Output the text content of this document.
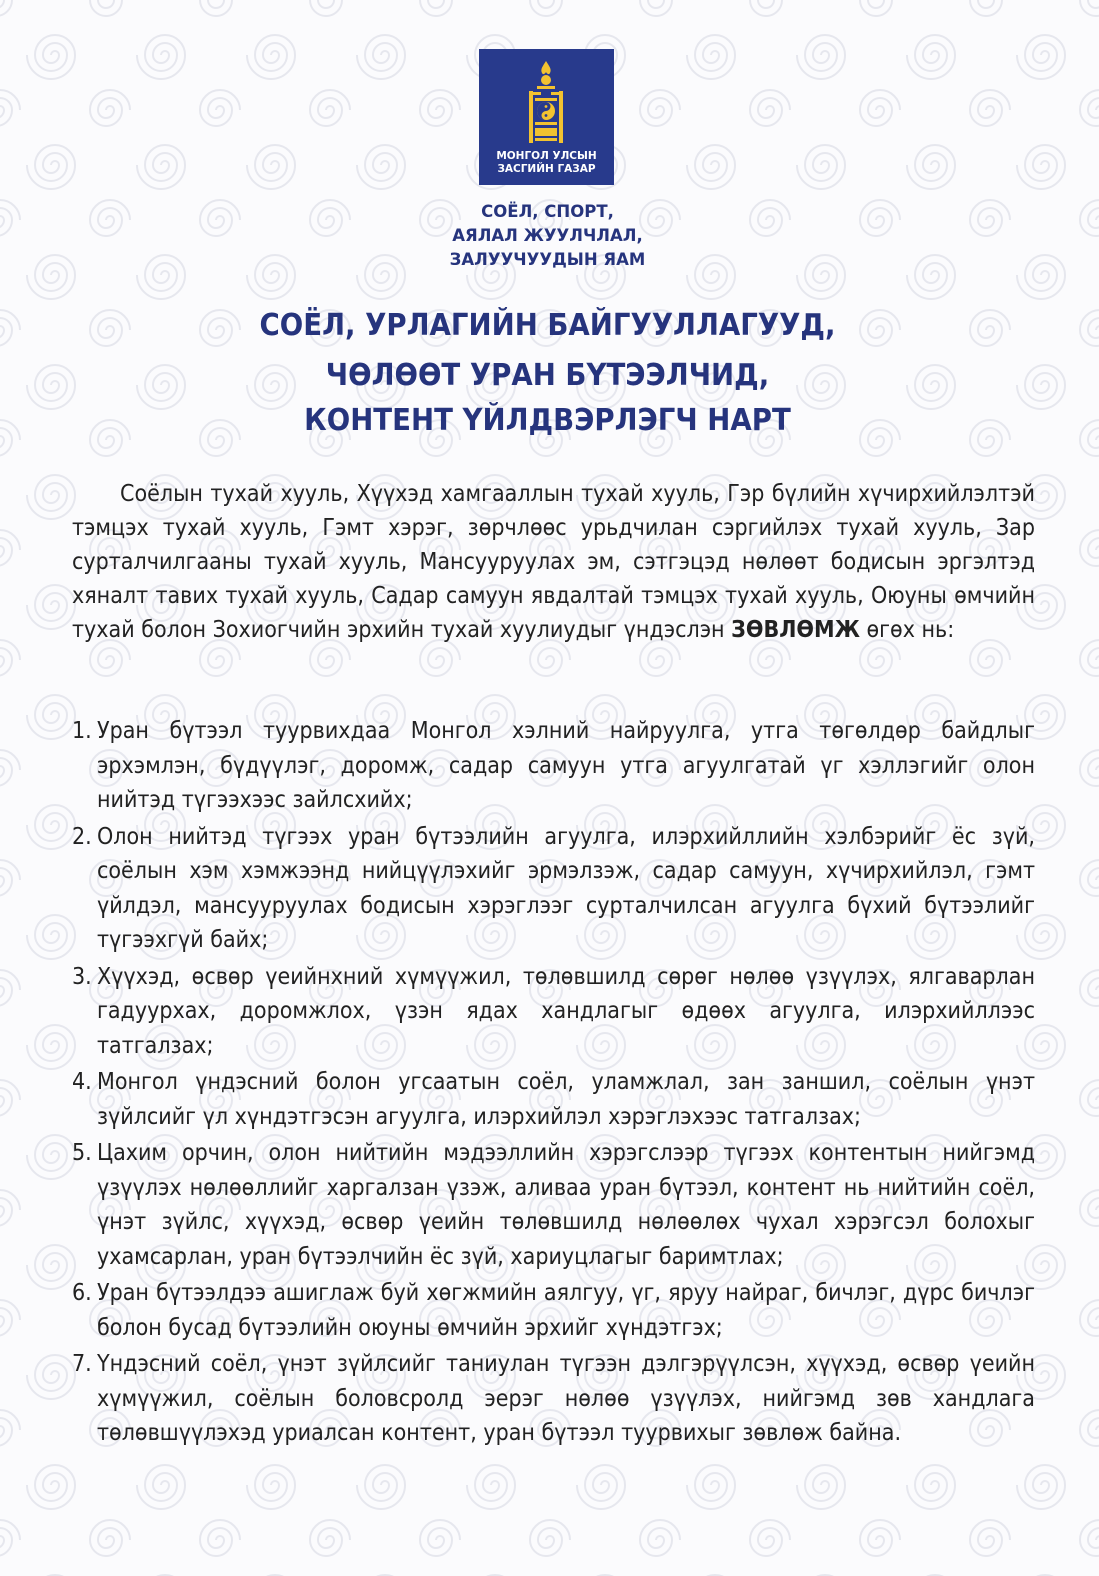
МОНГОЛ УЛСЫН
ЗАСГИЙН ГАЗАР
СОЁЛ, СПОРТ,
АЯЛАЛ ЖУУЛЧЛАЛ,
ЗАЛУУЧУУДЫН ЯАМ
СОЁЛ, УРЛАГИЙН БАЙГУУЛЛАГУУД,
ЧӨЛӨӨТ УРАН БҮТЭЭЛЧИД,
КОНТЕНТ ҮЙЛДВЭРЛЭГЧ НАРТ

Соёлын тухай хууль, Хүүхэд хамгааллын тухай хууль, Гэр бүлийн хүчирхийлэлтэй тэмцэх тухай хууль, Гэмт хэрэг, зөрчлөөс урьдчилан сэргийлэх тухай хууль, Зар сурталчилгааны тухай хууль, Мансууруулах эм, сэтгэцэд нөлөөт бодисын эргэлтэд хяналт тавих тухай хууль, Садар самуун явдалтай тэмцэх тухай хууль, Оюуны өмчийн тухай болон Зохиогчийн эрхийн тухай хуулиудыг үндэслэн ЗӨВЛӨМЖ өгөх нь:

1. Уран бүтээл туурвихдаа Монгол хэлний найруулга, утга төгөлдөр байдлыг эрхэмлэн, бүдүүлэг, доромж, садар самуун утга агуулгатай үг хэллэгийг олон нийтэд түгээхээс зайлсхийх;
2. Олон нийтэд түгээх уран бүтээлийн агуулга, илэрхийллийн хэлбэрийг ёс зүй, соёлын хэм хэмжээнд нийцүүлэхийг эрмэлзэж, садар самуун, хүчирхийлэл, гэмт үйлдэл, мансууруулах бодисын хэрэглээг сурталчилсан агуулга бүхий бүтээлийг түгээхгүй байх;
3. Хүүхэд, өсвөр үеийнхний хүмүүжил, төлөвшилд сөрөг нөлөө үзүүлэх, ялгаварлан гадуурхах, доромжлох, үзэн ядах хандлагыг өдөөх агуулга, илэрхийллээс татгалзах;
4. Монгол үндэсний болон угсаатын соёл, уламжлал, зан заншил, соёлын үнэт зүйлсийг үл хүндэтгэсэн агуулга, илэрхийлэл хэрэглэхээс татгалзах;
5. Цахим орчин, олон нийтийн мэдээллийн хэрэгслээр түгээх контентын нийгэмд үзүүлэх нөлөөллийг харгалзан үзэж, аливаа уран бүтээл, контент нь нийтийн соёл, үнэт зүйлс, хүүхэд, өсвөр үеийн төлөвшилд нөлөөлөх чухал хэрэгсэл болохыг ухамсарлан, уран бүтээлчийн ёс зүй, хариуцлагыг баримтлах;
6. Уран бүтээлдээ ашиглаж буй хөгжмийн аялгуу, үг, яруу найраг, бичлэг, дүрс бичлэг болон бусад бүтээлийн оюуны өмчийн эрхийг хүндэтгэх;
7. Үндэсний соёл, үнэт зүйлсийг таниулан түгээн дэлгэрүүлсэн, хүүхэд, өсвөр үеийн хүмүүжил, соёлын боловсролд эерэг нөлөө үзүүлэх, нийгэмд зөв хандлага төлөвшүүлэхэд уриалсан контент, уран бүтээл туурвихыг зөвлөж байна.
